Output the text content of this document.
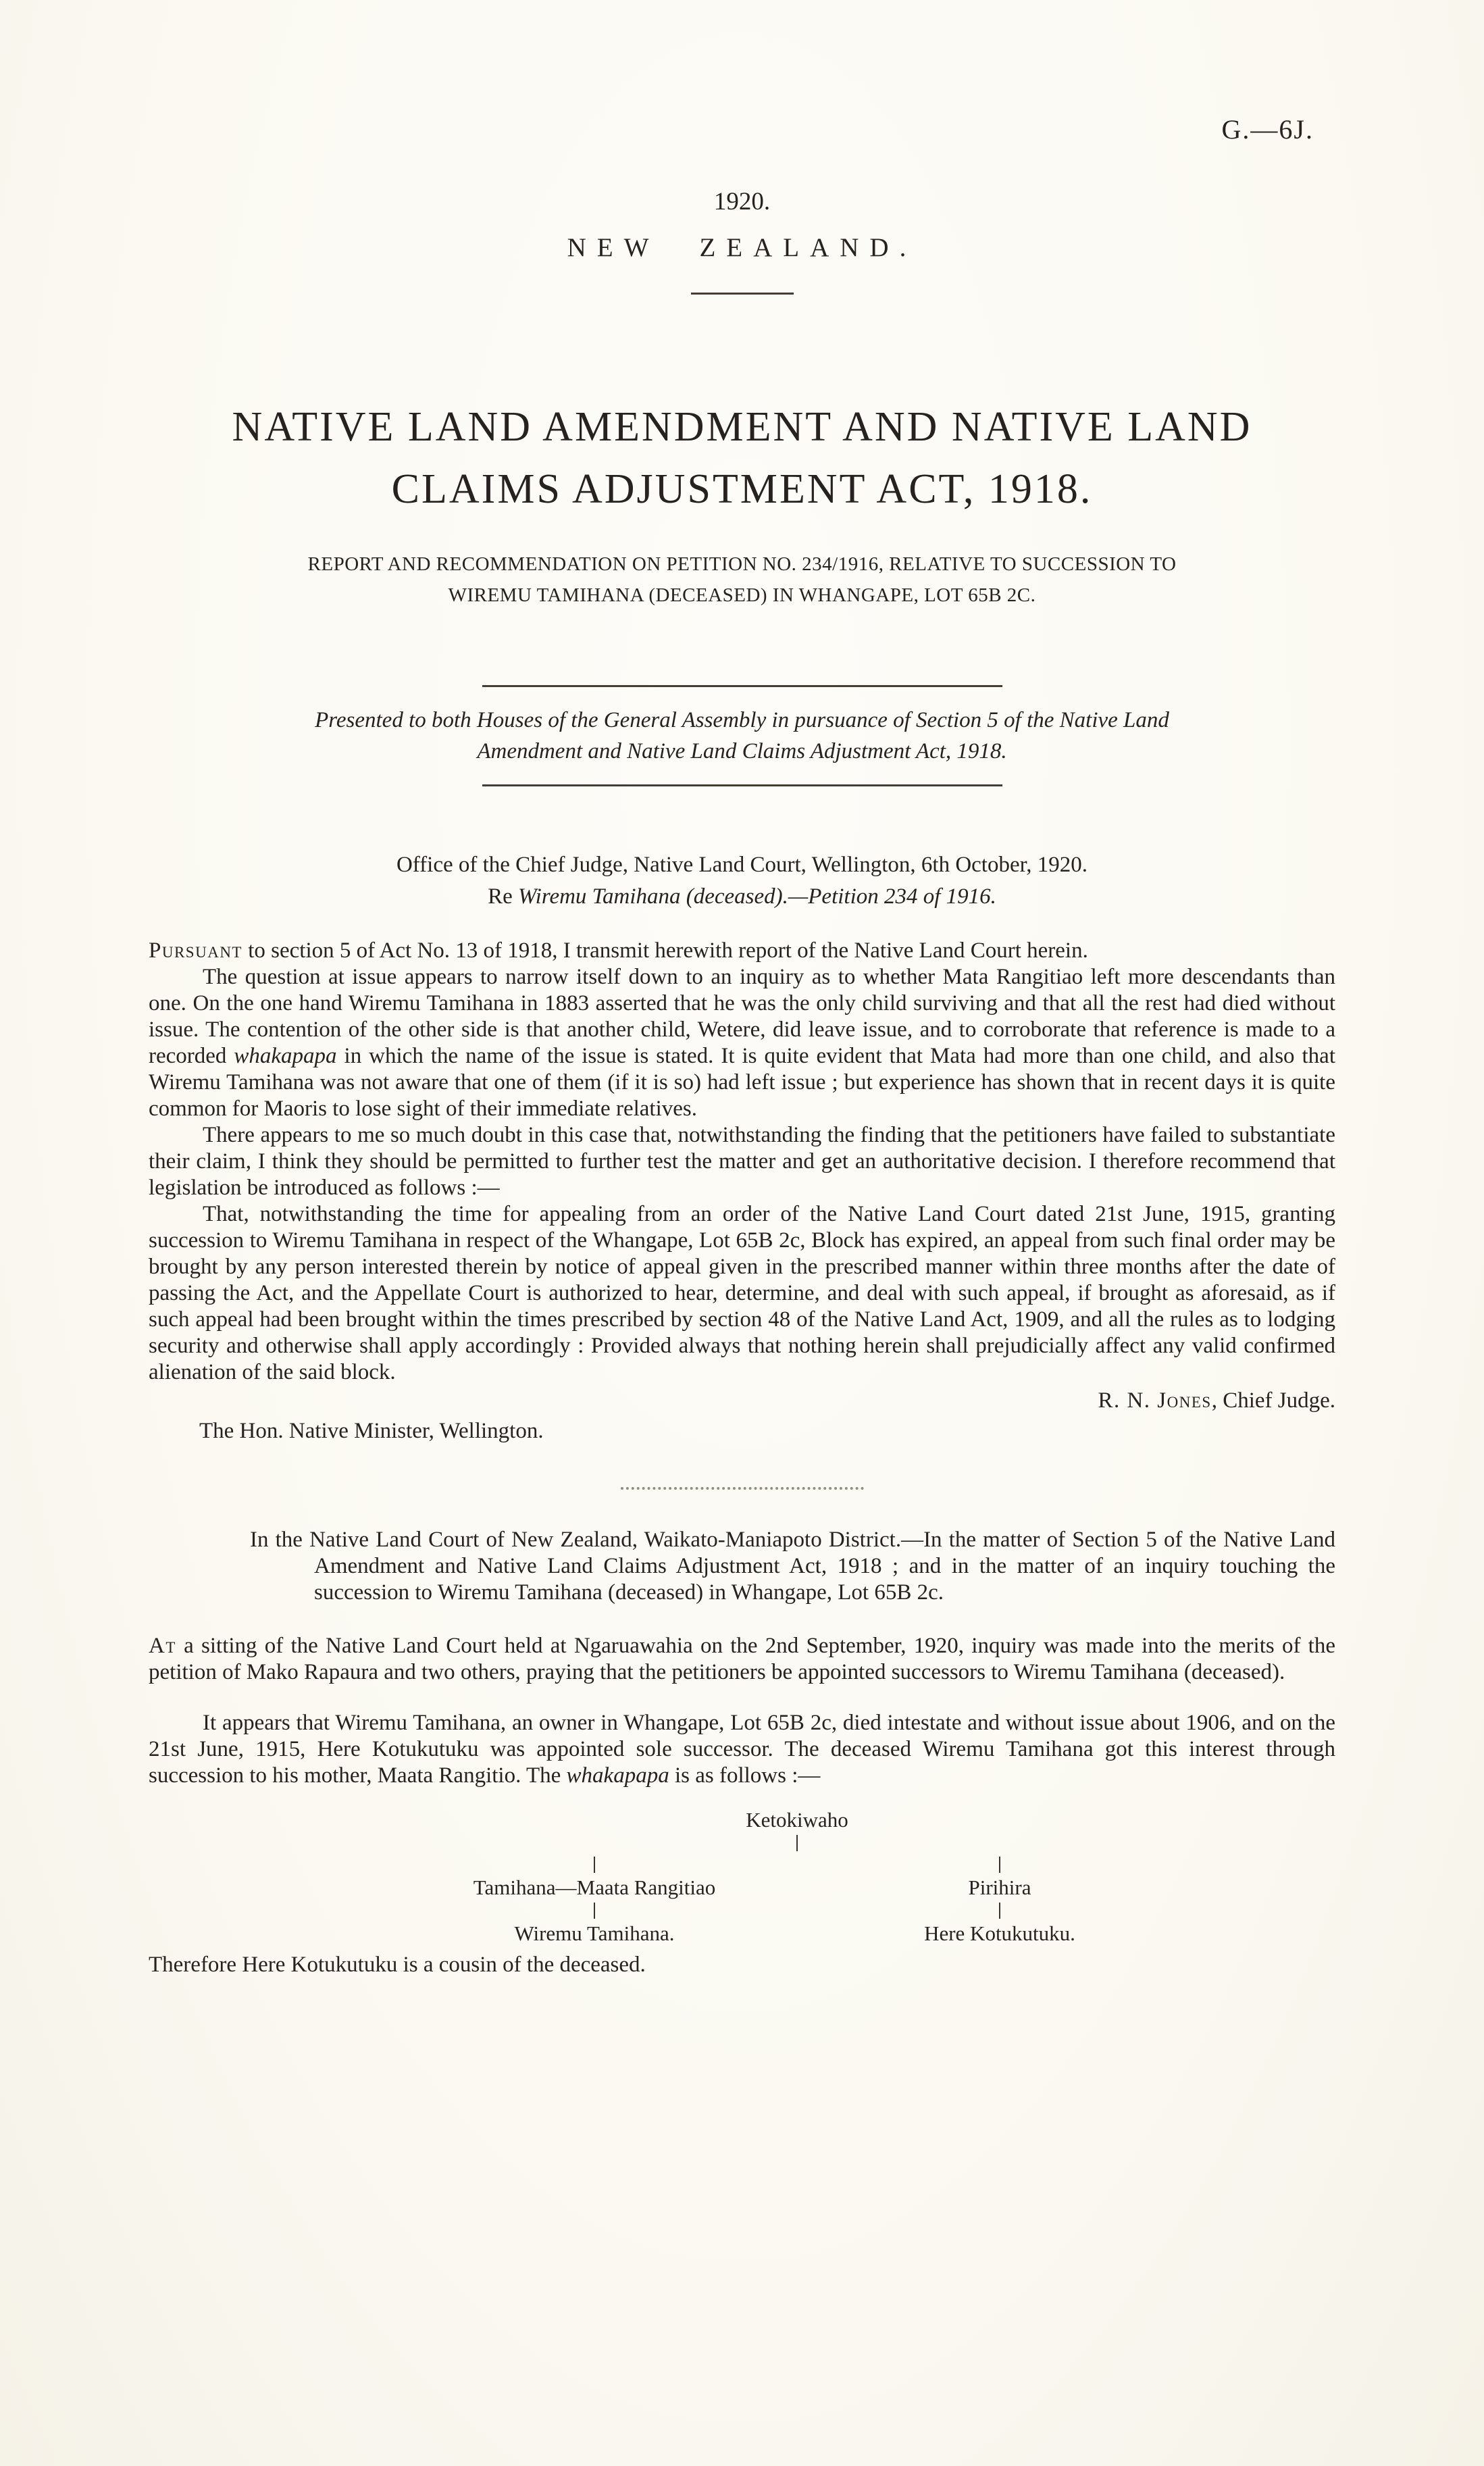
G.—6J.
1920.
NEW ZEALAND.
NATIVE LAND AMENDMENT AND NATIVE LAND
CLAIMS ADJUSTMENT ACT, 1918.
REPORT AND RECOMMENDATION ON PETITION NO. 234/1916, RELATIVE TO SUCCESSION TO
WIREMU TAMIHANA (DECEASED) IN WHANGAPE, LOT 65B 2C.
Presented to both Houses of the General Assembly in pursuance of Section 5 of the Native Land
Amendment and Native Land Claims Adjustment Act, 1918.
Office of the Chief Judge, Native Land Court, Wellington, 6th October, 1920.
Re Wiremu Tamihana (deceased).—Petition 234 of 1916.

Pursuant to section 5 of Act No. 13 of 1918, I transmit herewith report of the Native Land Court herein.

The question at issue appears to narrow itself down to an inquiry as to whether Mata Rangitiao left more descendants than one. On the one hand Wiremu Tamihana in 1883 asserted that he was the only child surviving and that all the rest had died without issue. The contention of the other side is that another child, Wetere, did leave issue, and to corroborate that reference is made to a recorded whakapapa in which the name of the issue is stated. It is quite evident that Mata had more than one child, and also that Wiremu Tamihana was not aware that one of them (if it is so) had left issue ; but experience has shown that in recent days it is quite common for Maoris to lose sight of their immediate relatives.

There appears to me so much doubt in this case that, notwithstanding the finding that the petitioners have failed to substantiate their claim, I think they should be permitted to further test the matter and get an authoritative decision. I therefore recommend that legislation be introduced as follows :—

That, notwithstanding the time for appealing from an order of the Native Land Court dated 21st June, 1915, granting succession to Wiremu Tamihana in respect of the Whangape, Lot 65B 2c, Block has expired, an appeal from such final order may be brought by any person interested therein by notice of appeal given in the prescribed manner within three months after the date of passing the Act, and the Appellate Court is authorized to hear, determine, and deal with such appeal, if brought as aforesaid, as if such appeal had been brought within the times prescribed by section 48 of the Native Land Act, 1909, and all the rules as to lodging security and otherwise shall apply accordingly : Provided always that nothing herein shall prejudicially affect any valid confirmed alienation of the said block.

R. N. Jones, Chief Judge.
The Hon. Native Minister, Wellington.

In the Native Land Court of New Zealand, Waikato-Maniapoto District.—In the matter of Section 5 of the Native Land Amendment and Native Land Claims Adjustment Act, 1918 ; and in the matter of an inquiry touching the succession to Wiremu Tamihana (deceased) in Whangape, Lot 65B 2c.

At a sitting of the Native Land Court held at Ngaruawahia on the 2nd September, 1920, inquiry was made into the merits of the petition of Mako Rapaura and two others, praying that the petitioners be appointed successors to Wiremu Tamihana (deceased).

It appears that Wiremu Tamihana, an owner in Whangape, Lot 65B 2c, died intestate and without issue about 1906, and on the 21st June, 1915, Here Kotukutuku was appointed sole successor. The deceased Wiremu Tamihana got this interest through succession to his mother, Maata Rangitio. The whakapapa is as follows :—

Ketokiwaho
Tamihana—Maata Rangitiao
Wiremu Tamihana.
Pirihira
Here Kotukutuku.

Therefore Here Kotukutuku is a cousin of the deceased.
